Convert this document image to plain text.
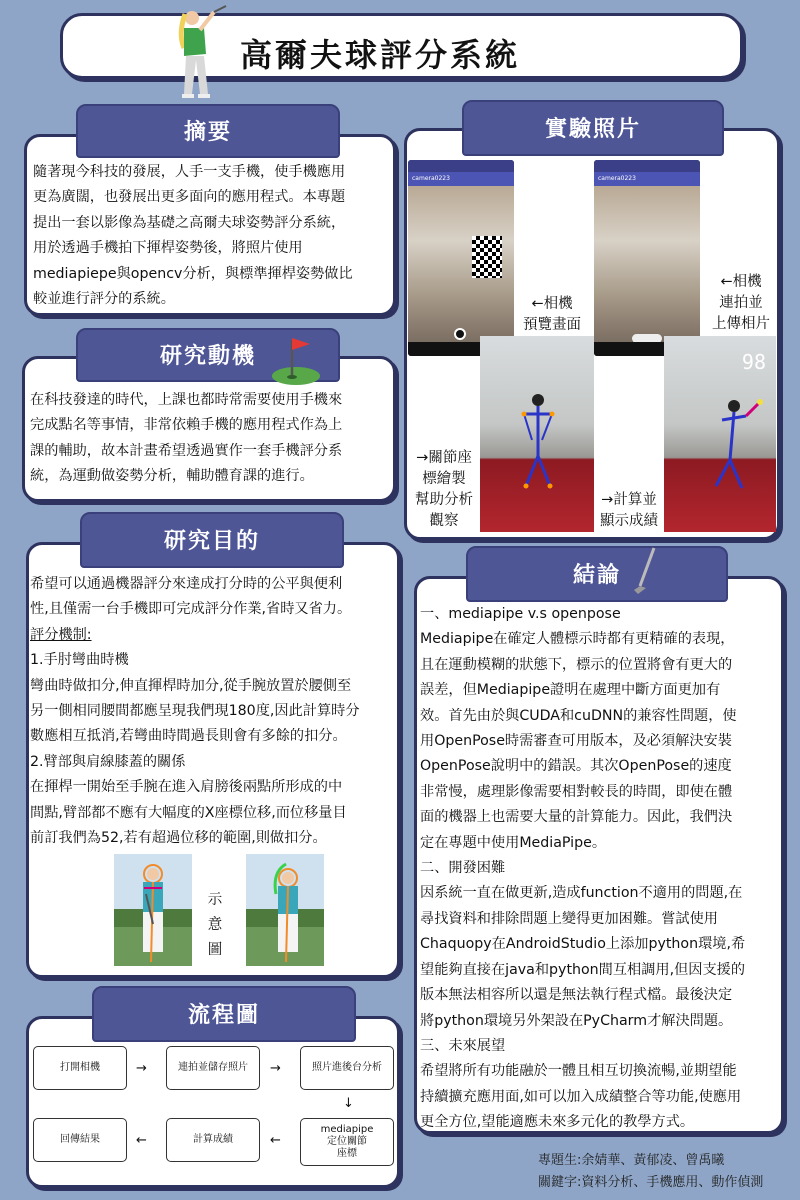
高爾夫球評分系統
摘要

隨著現今科技的發展，人手一支手機，使手機應用

更為廣闊，也發展出更多面向的應用程式。本專題

提出一套以影像為基礎之高爾夫球姿勢評分系統，

用於透過手機拍下揮桿姿勢後，將照片使用

mediapiepe與opencv分析，與標準揮桿姿勢做比

較並進行評分的系統。

研究動機

在科技發達的時代，上課也都時常需要使用手機來

完成點名等事情，非常依賴手機的應用程式作為上

課的輔助，故本計畫希望透過實作一套手機評分系

統，為運動做姿勢分析，輔助體育課的進行。

研究目的

希望可以通過機器評分來達成打分時的公平與便利

性,且僅需一台手機即可完成評分作業,省時又省力。

評分機制:

1.手肘彎曲時機

彎曲時做扣分,伸直揮桿時加分,從手腕放置於腰側至

另一側相同腰間都應呈現我們現180度,因此計算時分

數應相互抵消,若彎曲時間過長則會有多餘的扣分。

2.臂部與肩線膝蓋的關係

在揮桿一開始至手腕在進入肩膀後兩點所形成的中

間點,臂部都不應有大幅度的X座標位移,而位移量目

前訂我們為52,若有超過位移的範圍,則做扣分。

示

意

圖

流程圖
打開相機	→	連拍並儲存照片	→	照片進後台分析
↓
mediapipe
定位關節
座標
←
計算成績
←
回傳結果
實驗照片
camera0223

←相機

預覽畫面

camera0223

←相機

連拍並

上傳相片

→關節座

標繪製

幫助分析

觀察

98

→計算並

顯示成績

結論

一、mediapipe v.s openpose

Mediapipe在確定人體標示時都有更精確的表現，

且在運動模糊的狀態下，標示的位置將會有更大的

誤差，但Mediapipe證明在處理中斷方面更加有

效。首先由於與CUDA和cuDNN的兼容性問題，使

用OpenPose時需審查可用版本，及必須解決安裝

OpenPose說明中的錯誤。其次OpenPose的速度

非常慢，處理影像需要相對較長的時間，即使在體

面的機器上也需要大量的計算能力。因此，我們決

定在專題中使用MediaPipe。

二、開發困難

因系統一直在做更新,造成function不適用的問題,在

尋找資料和排除問題上變得更加困難。嘗試使用

Chaquopy在AndroidStudio上添加python環境,希

望能夠直接在java和python間互相調用,但因支援的

版本無法相容所以還是無法執行程式檔。最後決定

將python環境另外架設在PyCharm才解決問題。

三、未來展望

希望將所有功能融於一體且相互切換流暢,並期望能

持續擴充應用面,如可以加入成績整合等功能,使應用

更全方位,望能適應未來多元化的教學方式。

專題生:余婧華、黃郁凌、曾禹曦

關鍵字:資料分析、手機應用、動作偵測
